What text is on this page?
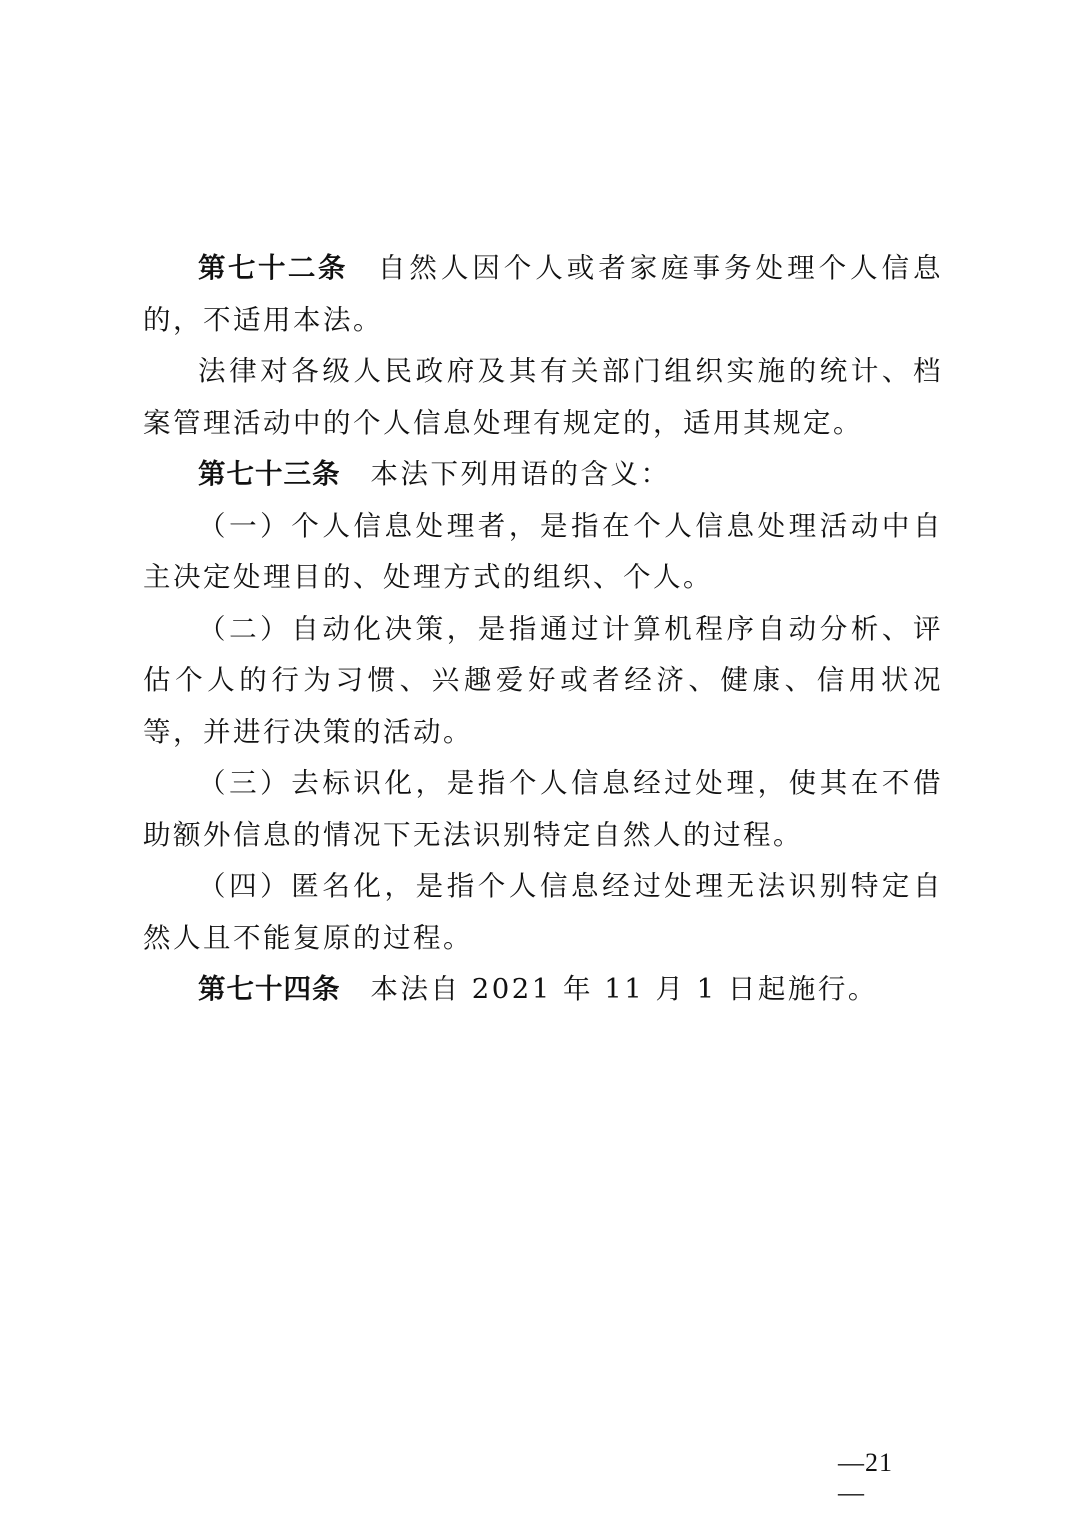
第七十二条 自然人因个人或者家庭事务处理个人信息的，不适用本法。

法律对各级人民政府及其有关部门组织实施的统计、档案管理活动中的个人信息处理有规定的，适用其规定。

第七十三条 本法下列用语的含义：

（一）个人信息处理者，是指在个人信息处理活动中自主决定处理目的、处理方式的组织、个人。

（二）自动化决策，是指通过计算机程序自动分析、评估个人的行为习惯、兴趣爱好或者经济、健康、信用状况等，并进行决策的活动。

（三）去标识化，是指个人信息经过处理，使其在不借助额外信息的情况下无法识别特定自然人的过程。

（四）匿名化，是指个人信息经过处理无法识别特定自然人且不能复原的过程。

第七十四条 本法自 2021 年 11 月 1 日起施行。

—21—
